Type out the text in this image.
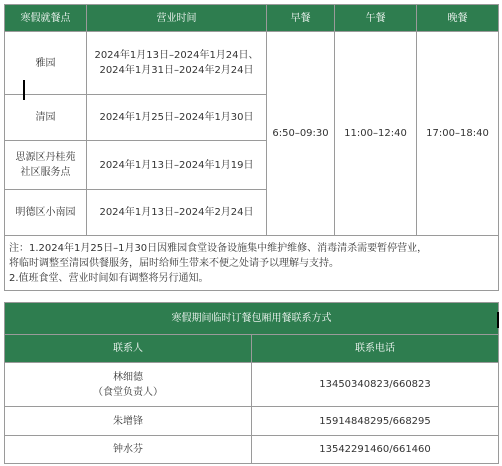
寒假就餐点	营业时间	早餐	午餐	晚餐
雅园	2024年1月13日–2024年1月24日、
2024年1月31日–2024年2月24日	6:50–09:30	11:00–12:40	17:00–18:40
清园	2024年1月25日–2024年1月30日			

思源区丹桂苑
社区服务点	2024年1月13日–2024年1月19日			
明德区小南园	2024年1月13日–2024年2月24日			

注：1.2024年1月25日–1月30日因雅园食堂设备设施集中维护维修、消毒清杀需要暂停营业，
将临时调整至清园供餐服务，届时给师生带来不便之处请予以理解与支持。
2.值班食堂、营业时间如有调整将另行通知。				
寒假期间临时订餐包厢用餐联系方式	
联系人	联系电话

林细德
（食堂负责人）	13450340823/660823
朱增锋	15914848295/668295
钟水芬	13542291460/661460
